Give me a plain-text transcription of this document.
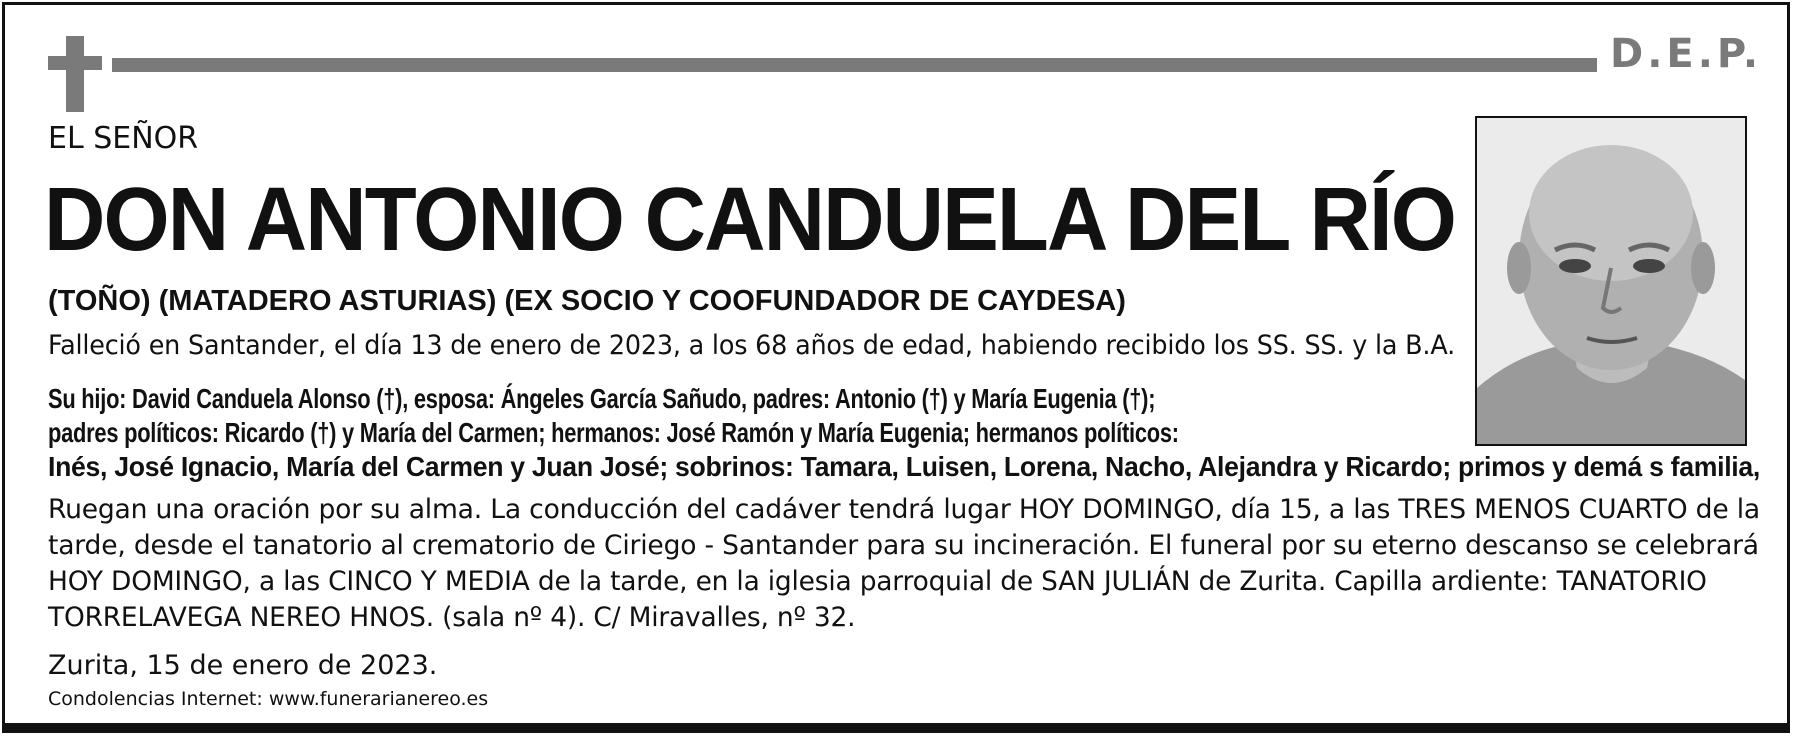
D.E.P.
EL SEÑOR
DON ANTONIO CANDUELA DEL RÍO
(TOÑO) (MATADERO ASTURIAS) (EX SOCIO Y COOFUNDADOR DE CAYDESA)
Falleció en Santander, el día 13 de enero de 2023, a los 68 años de edad, habiendo recibido los SS. SS. y la B.A.
Su hijo: David Canduela Alonso (†), esposa: Ángeles García Sañudo, padres: Antonio (†) y María Eugenia (†); padres políticos: Ricardo (†) y María del Carmen; hermanos: José Ramón y María Eugenia; hermanos políticos: Inés, José Ignacio, María del Carmen y Juan José; sobrinos: Tamara, Luisen, Lorena, Nacho, Alejandra y Ricardo; primos y demá s familia,
Ruegan una oración por su alma. La conducción del cadáver tendrá lugar HOY DOMINGO, día 15, a las TRES MENOS CUARTO de la tarde, desde el tanatorio al crematorio de Ciriego - Santander para su incineración. El funeral por su eterno descanso se celebrará HOY DOMINGO, a las CINCO Y MEDIA de la tarde, en la iglesia parroquial de SAN JULIÁN de Zurita. Capilla ardiente: TANATORIO TORRELAVEGA NEREO HNOS. (sala nº 4). C/ Miravalles, nº 32.
Zurita, 15 de enero de 2023.
Condolencias Internet: www.funerarianereo.es
